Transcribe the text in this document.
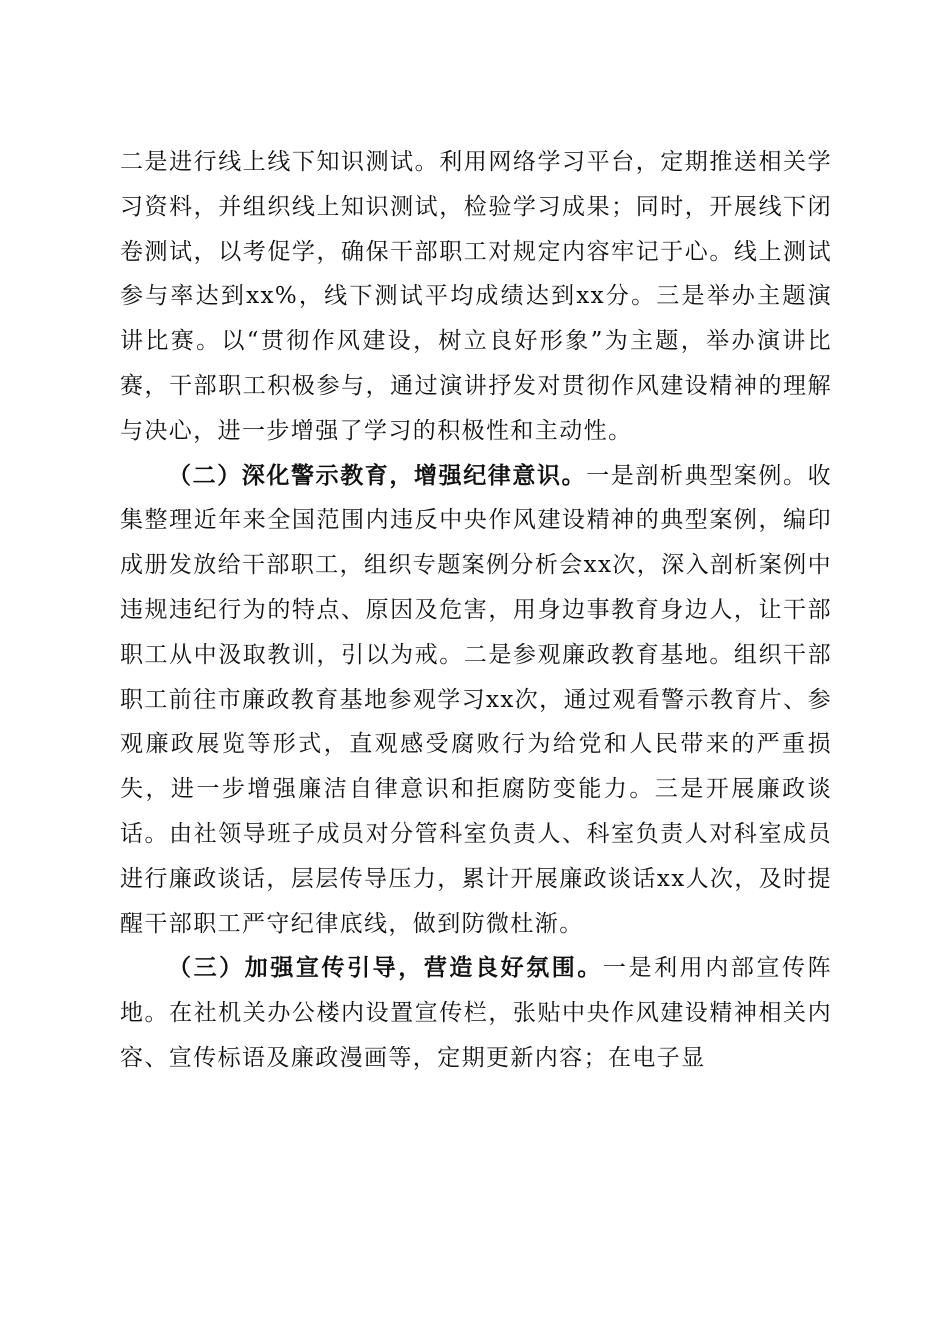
二是进行线上线下知识测试。利用网络学习平台，定期推送相关学习资料，并组织线上知识测试，检验学习成果；同时，开展线下闭卷测试，以考促学，确保干部职工对规定内容牢记于心。线上测试参与率达到xx%，线下测试平均成绩达到xx分。三是举办主题演讲比赛。以“贯彻作风建设，树立良好形象”为主题，举办演讲比赛，干部职工积极参与，通过演讲抒发对贯彻作风建设精神的理解与决心，进一步增强了学习的积极性和主动性。

（二）深化警示教育，增强纪律意识。一是剖析典型案例。收集整理近年来全国范围内违反中央作风建设精神的典型案例，编印成册发放给干部职工，组织专题案例分析会xx次，深入剖析案例中违规违纪行为的特点、原因及危害，用身边事教育身边人，让干部职工从中汲取教训，引以为戒。二是参观廉政教育基地。组织干部职工前往市廉政教育基地参观学习xx次，通过观看警示教育片、参观廉政展览等形式，直观感受腐败行为给党和人民带来的严重损失，进一步增强廉洁自律意识和拒腐防变能力。三是开展廉政谈话。由社领导班子成员对分管科室负责人、科室负责人对科室成员进行廉政谈话，层层传导压力，累计开展廉政谈话xx人次，及时提醒干部职工严守纪律底线，做到防微杜渐。

（三）加强宣传引导，营造良好氛围。一是利用内部宣传阵地。在社机关办公楼内设置宣传栏，张贴中央作风建设精神相关内容、宣传标语及廉政漫画等，定期更新内容；在电子显
